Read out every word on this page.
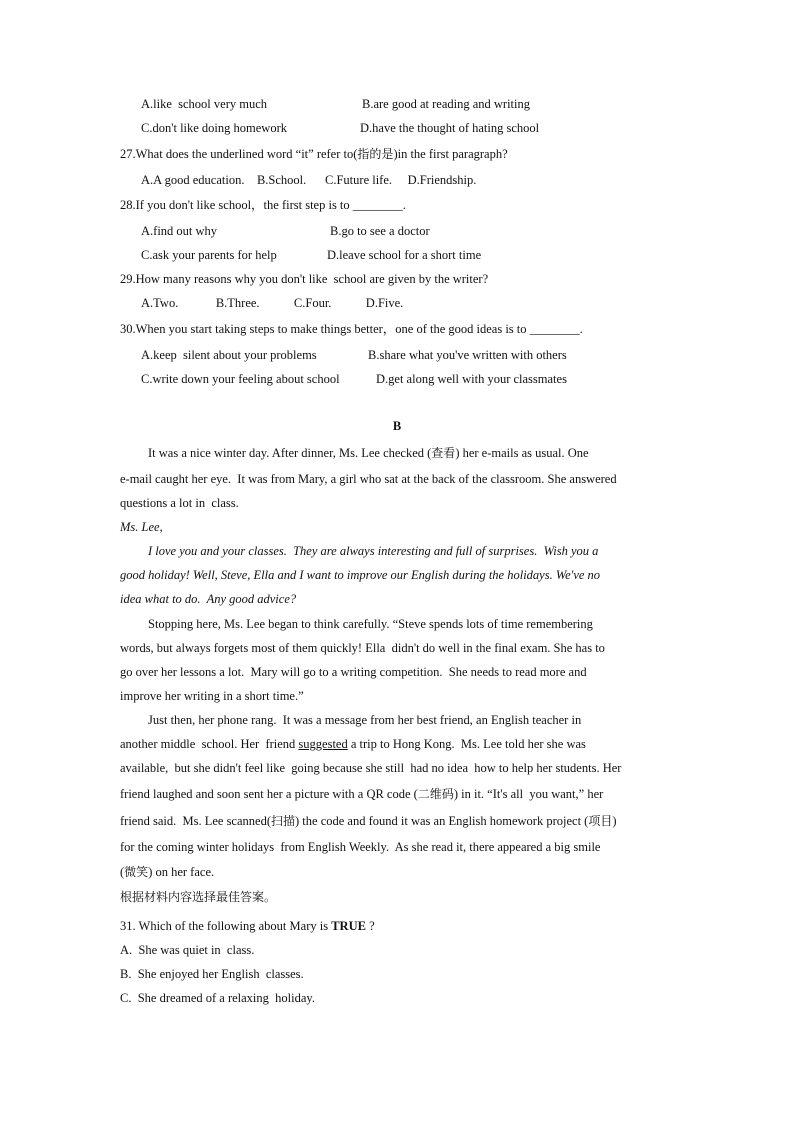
A.like  school very much	B.are good at reading and writing
C.don't like doing homework	D.have the thought of hating school
27.What does the underlined word “it” refer to(指的是)in the first paragraph?
A.A good education.    B.School.      C.Future life.     D.Friendship.
28.If you don't like school，the first step is to ________.
A.find out why	B.go to see a doctor
C.ask your parents for help	D.leave school for a short time
29.How many reasons why you don't like  school are given by the writer?
A.Two.            B.Three.           C.Four.           D.Five.
30.When you start taking steps to make things better，one of the good ideas is to ________.
A.keep  silent about your problems	B.share what you've written with others
C.write down your feeling about school	D.get along well with your classmates
B
It was a nice winter day. After dinner, Ms. Lee checked (查看) her e-mails as usual. One
e-mail caught her eye.  It was from Mary, a girl who sat at the back of the classroom. She answered
questions a lot in  class.
Ms. Lee,
I love you and your classes.  They are always interesting and full of surprises.  Wish you a
good holiday! Well, Steve, Ella and I want to improve our English during the holidays. We've no
idea what to do.  Any good advice?
Stopping here, Ms. Lee began to think carefully. “Steve spends lots of time remembering
words, but always forgets most of them quickly! Ella  didn't do well in the final exam. She has to
go over her lessons a lot.  Mary will go to a writing competition.  She needs to read more and
improve her writing in a short time.”
Just then, her phone rang.  It was a message from her best friend, an English teacher in
another middle  school. Her  friend suggested a trip to Hong Kong.  Ms. Lee told her she was
available,  but she didn't feel like  going because she still  had no idea  how to help her students. Her
friend laughed and soon sent her a picture with a QR code (二维码) in it. “It's all  you want,” her
friend said.  Ms. Lee scanned(扫描) the code and found it was an English homework project (项目)
for the coming winter holidays  from English Weekly.  As she read it, there appeared a big smile
(微笑) on her face.
根据材料内容选择最佳答案。
31. Which of the following about Mary is TRUE ?
A.  She was quiet in  class.
B.  She enjoyed her English  classes.
C.  She dreamed of a relaxing  holiday.
